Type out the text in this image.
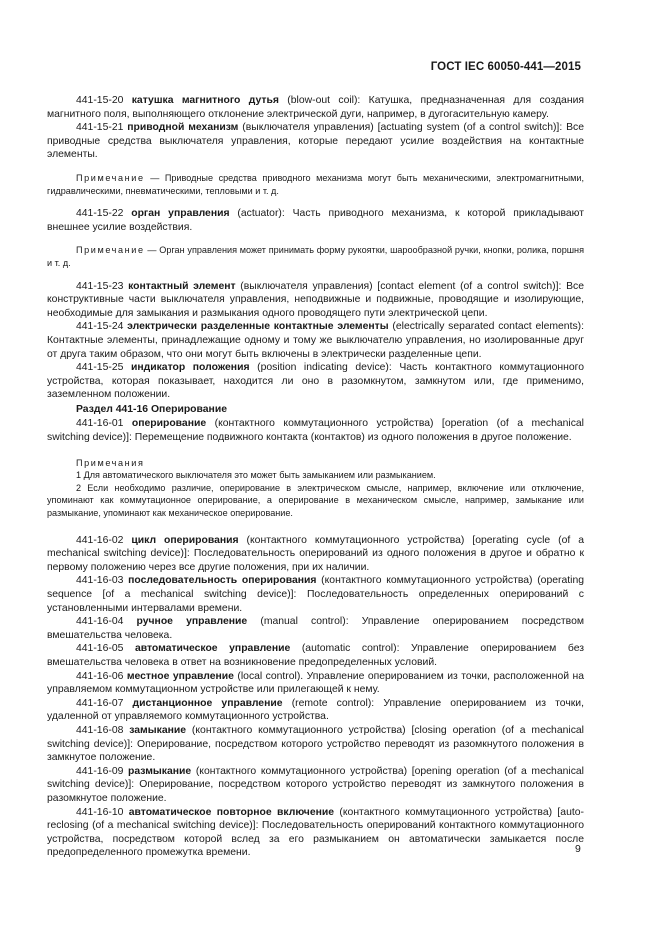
ГОСТ IEC 60050-441—2015

441-15-20 катушка магнитного дутья (blow-out coil): Катушка, предназначенная для создания магнитного поля, выполняющего отклонение электрической дуги, например, в дугогасительную камеру.

441-15-21 приводной механизм (выключателя управления) [actuating system (of a control switch)]: Все приводные средства выключателя управления, которые передают усилие воздействия на контактные элементы.

Примечание — Приводные средства приводного механизма могут быть механическими, электромагнитными, гидравлическими, пневматическими, тепловыми и т. д.

441-15-22 орган управления (actuator): Часть приводного механизма, к которой прикладывают внешнее усилие воздействия.

Примечание — Орган управления может принимать форму рукоятки, шарообразной ручки, кнопки, ролика, поршня и т. д.

441-15-23 контактный элемент (выключателя управления) [contact element (of a control switch)]: Все конструктивные части выключателя управления, неподвижные и подвижные, проводящие и изолирующие, необходимые для замыкания и размыкания одного проводящего пути электрической цепи.

441-15-24 электрически разделенные контактные элементы (electrically separated contact elements): Контактные элементы, принадлежащие одному и тому же выключателю управления, но изолированные друг от друга таким образом, что они могут быть включены в электрически разделенные цепи.

441-15-25 индикатор положения (position indicating device): Часть контактного коммутационного устройства, которая показывает, находится ли оно в разомкнутом, замкнутом или, где применимо, заземленном положении.

Раздел 441-16 Оперирование

441-16-01 оперирование (контактного коммутационного устройства) [operation (of a mechanical switching device)]: Перемещение подвижного контакта (контактов) из одного положения в другое положение.

Примечания

1 Для автоматического выключателя это может быть замыканием или размыканием.

2 Если необходимо различие, оперирование в электрическом смысле, например, включение или отключение, упоминают как коммутационное оперирование, а оперирование в механическом смысле, например, замыкание или размыкание, упоминают как механическое оперирование.

441-16-02 цикл оперирования (контактного коммутационного устройства) [operating cycle (of a mechanical switching device)]: Последовательность оперирований из одного положения в другое и обратно к первому положению через все другие положения, при их наличии.

441-16-03 последовательность оперирования (контактного коммутационного устройства) (operating sequence [of a mechanical switching device)]: Последовательность определенных оперирований с установленными интервалами времени.

441-16-04 ручное управление (manual control): Управление оперированием посредством вмешательства человека.

441-16-05 автоматическое управление (automatic control): Управление оперированием без вмешательства человека в ответ на возникновение предопределенных условий.

441-16-06 местное управление (local control). Управление оперированием из точки, расположенной на управляемом коммутационном устройстве или прилегающей к нему.

441-16-07 дистанционное управление (remote control): Управление оперированием из точки, удаленной от управляемого коммутационного устройства.

441-16-08 замыкание (контактного коммутационного устройства) [closing operation (of a mechanical switching device)]: Оперирование, посредством которого устройство переводят из разомкнутого положения в замкнутое положение.

441-16-09 размыкание (контактного коммутационного устройства) [opening operation (of a mechanical switching device)]: Оперирование, посредством которого устройство переводят из замкнутого положения в разомкнутое положение.

441-16-10 автоматическое повторное включение (контактного коммутационного устройства) [auto-reclosing (of a mechanical switching device)]: Последовательность оперирований контактного коммутационного устройства, посредством которой вслед за его размыканием он автоматически замыкается после предопределенного промежутка времени.	9
